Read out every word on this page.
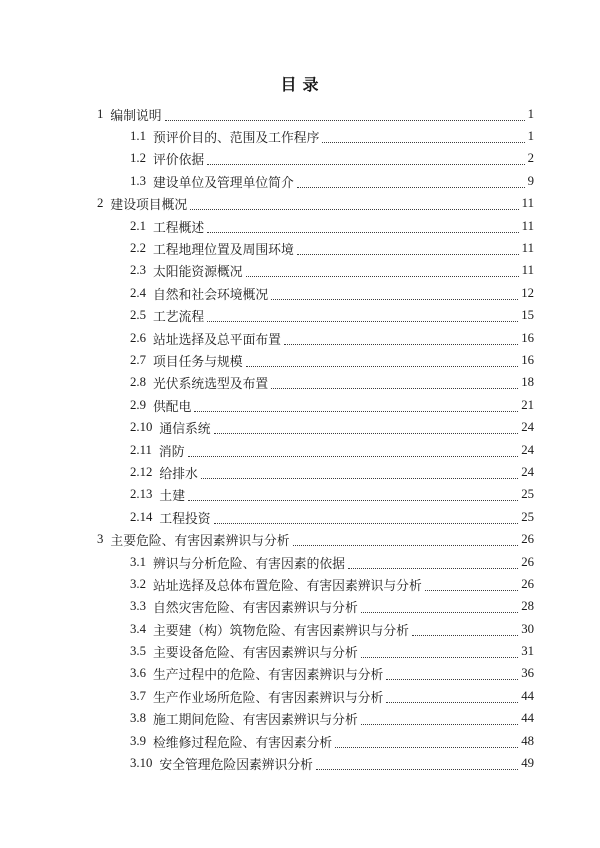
目 录
1 编制说明	1
1.1 预评价目的、范围及工作程序	1
1.2 评价依据	2
1.3 建设单位及管理单位简介	9
2 建设项目概况	11
2.1 工程概述	11
2.2 工程地理位置及周围环境	11
2.3 太阳能资源概况	11
2.4 自然和社会环境概况	12
2.5 工艺流程	15
2.6 站址选择及总平面布置	16
2.7 项目任务与规模	16
2.8 光伏系统选型及布置	18
2.9 供配电	21
2.10 通信系统	24
2.11 消防	24
2.12 给排水	24
2.13 土建	25
2.14 工程投资	25
3 主要危险、有害因素辨识与分析	26
3.1 辨识与分析危险、有害因素的依据	26
3.2 站址选择及总体布置危险、有害因素辨识与分析	26
3.3 自然灾害危险、有害因素辨识与分析	28
3.4 主要建（构）筑物危险、有害因素辨识与分析	30
3.5 主要设备危险、有害因素辨识与分析	31
3.6 生产过程中的危险、有害因素辨识与分析	36
3.7 生产作业场所危险、有害因素辨识与分析	44
3.8 施工期间危险、有害因素辨识与分析	44
3.9 检维修过程危险、有害因素分析	48
3.10 安全管理危险因素辨识分析	49
